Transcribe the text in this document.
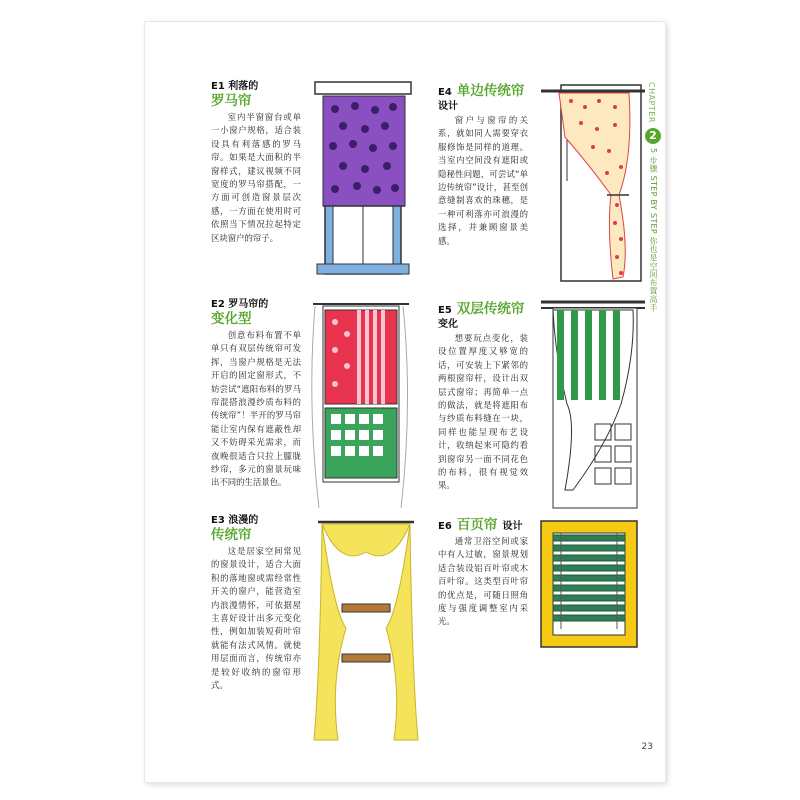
E1 利落的
罗马帘
室内半窗窗台或单一小窗户规格，适合装设具有利落感的罗马帘。如果是大面积的半窗样式，建议视频不同宽度的罗马帘搭配，一方面可创造窗景层次感，一方面在使用时可依照当下情况拉起特定区块窗户的帘子。
E4 单边传统帘
设计
窗户与窗帘的关系，就如同人需要穿衣服修饰是同样的道理。当室内空间没有遮阳或隐秘性问题，可尝试“单边传统帘”设计，甚至创意缝制喜欢的珠穗，是一种可利落亦可浪漫的选择，并兼顾窗景美感。
E2 罗马帘的
变化型
创意布料布置不单单只有双层传统帘可发挥，当窗户规格是无法开启的固定窗形式，不妨尝试“遮阳布料的罗马帘混搭浪漫纱质布料的传统帘”！半开的罗马帘能让室内保有遮蔽性却又不妨碍采光需求，而夜晚很适合只拉上朦胧纱帘，多元的窗景玩味出不同的生活景色。
E5 双层传统帘
变化
想要玩点变化，装设位置厚度又够宽的话，可安装上下紧邻的两根窗帘杆，设计出双层式窗帘；再简单一点的做法，就是将遮阳布与纱质布料缝在一块，同样也能呈现布艺设计，收纳起来可隐约看到窗帘另一面不同花色的布料，很有视觉效果。
E3 浪漫的
传统帘
这是居家空间常见的窗景设计，适合大面积的落地窗或需经常性开关的窗户，能营造室内浪漫情怀，可依据屋主喜好设计出多元变化性，例如加装短荷叶帘就能有法式风情。就使用层面而言，传统帘亦是较好收纳的窗帘形式。
E6 百页帘 设计
通常卫浴空间或家中有人过敏，窗景规划适合装设铝百叶帘或木百叶帘。这类型百叶帘的优点是，可随日照角度与强度调整室内采光。
CHAPTER
2
5 步骤 STEP BY STEP 你也是空间布置高手
23
